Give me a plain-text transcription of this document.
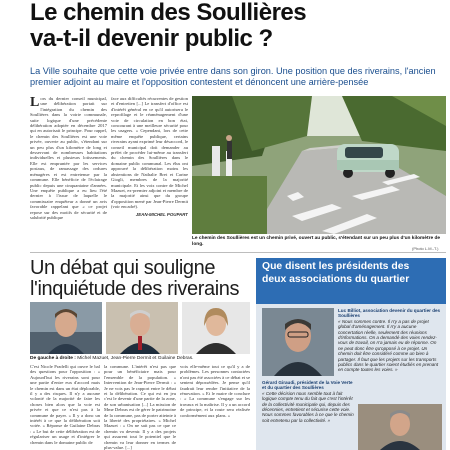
Le chemin des Soullières
va-t-il devenir public ?
La Ville souhaite que cette voie privée entre dans son giron. Une position que des riverains, l'ancien premier adjoint au maire et l'opposition contestent et dénoncent une arrière-pensée
Lors du dernier conseil municipal, une délibération portait sur l'intégration du chemin des Soullières dans la voirie communale, suite logique d'une précédente délibération adoptée en décembre 2017 qui en autorisait le principe. Pour rappel, le chemin des Soullières est une voie privée, ouverte au public, s'étendant sur un peu plus d'un kilomètre de long et desservant de nombreuses habitations individuelles et plusieurs lotissements. Elle est empruntée par les services postaux, de ramassage des ordures ménagères et est entretenue par la commune. Elle bénéficie de l'éclairage public depuis une cinquantaine d'années. Une enquête publique a eu lieu l'été dernier à l'issue de laquelle le commissaire enquêteur a donné un avis favorable rappelant que « ce projet repose sur des motifs de sécurité et de salubrité publique
face aux difficultés récurrentes de gestion et d'entretien [...] Le transfert d'office est d'intérêt général en ce qu'il autorisera le reprofilage et le réaménagement d'une voie de circulation en bon état, concourant à une meilleure sécurité pour les usagers. » Cependant, lors de cette même enquête publique, certains riverains ayant exprimé leur désaccord, le conseil municipal doit demander au préfet de procéder lui-même au transfert du chemin des Soullières dans le domaine public communal. Les élus ont approuvé la délibération moins les abstentions de Nathalie Bret et Carine Giogli, membres de la majorité municipale. Et les voix contre de Michel Mazuet, ex-premier adjoint et membre de la majorité ainsi que du groupe d'opposition mené par Jean-Pierre Dermit (voir encadré).
JEAN-MICHEL POUPART
Le chemin des Soullières est un chemin privé, ouvert au public, s'étendant sur un peu plus d'un kilomètre de long.
(Photo L.M.-T.)
Un débat qui souligne
l'inquiétude des riverains
De gauche à droite : Michel Mazuet, Jean-Pierre Dermit et Guilaine Debras.
C'est Nicole Pradelli qui ouvre le bal des questions pour l'opposition : « Aujourd'hui les riverains sont pour une partie d'entre eux d'accord mais le chemin est dans un état déplorable, il y a des risques. Il n'y a aucune volonté de la majorité de faire les choses bien alors que la voie est privée et que ce n'est pas à la commune de payer. » Il y a donc un intérêt à ce que la délibération soit votée. » Réponse de Guilaine Debras : « Le but de cette délibération est de régulariser un usage et d'intégrer le chemin dans le domaine public de
la commune. L'intérêt n'est pas que pour un bénéficiaire mais pour l'ensemble de la population. » Intervention de Jean-Pierre Dermit : « Je ne vois pas le rapport entre le débat et la délibération. Ce qui est en jeu c'est le devenir d'une partie de la zone, de son urbanisation [...] La mission de Mme Debras est de gérer le patrimoine de la commune, pas de porter atteinte à la liberté des propriétaires. » Michel Mazuet : « On ne sait pas ce que ce chemin va devenir. Il y a des projets qui assurent tout le potentiel que le chemin va leur donner en termes de plus-value. [...]
voix elle-même tout ce qu'il y a de problèmes. Les personnes contactées n'ont pas été associées à ce débat et se sentent dépossédées. Je pense qu'il faudrait leur rendre l'initiative de la rénovation. » Et le maire de conclure : « La commune s'engage sur les travaux et la maîtrise. Il y a un accord de principe, et la route sera réalisée conformément aux plans. »
Que disent les présidents des
deux associations du quartier
Luc Billiot, association devenir du quartier des Soullières
« Nous sommes contre. Il n'y a pas de projet global d'aménagement. Il n'y a aucune concertation réelle, seulement des réunions d'informations. On a demandé des voies rendez-vous de travail, on n'a jamais eu de réponse. On ne peut donc être qu'opposé à ce projet. Un chemin doit être considéré comme un bien à partager. Il faut que les projets sur les transports publics dans le quartier soient étudiés en prenant en compte toutes les voies. »
Gérard Giraudi, président de la Voie Verte et du quartier des Soullières
« Cette décision nous semble tout à fait logique compte tenu du fait que c'est l'intérêt de la collectivité municipale qui, depuis des décennies, entretient et sécurise cette voie. Nous sommes favorables à ce que le chemin soit entretenu par la collectivité. »
